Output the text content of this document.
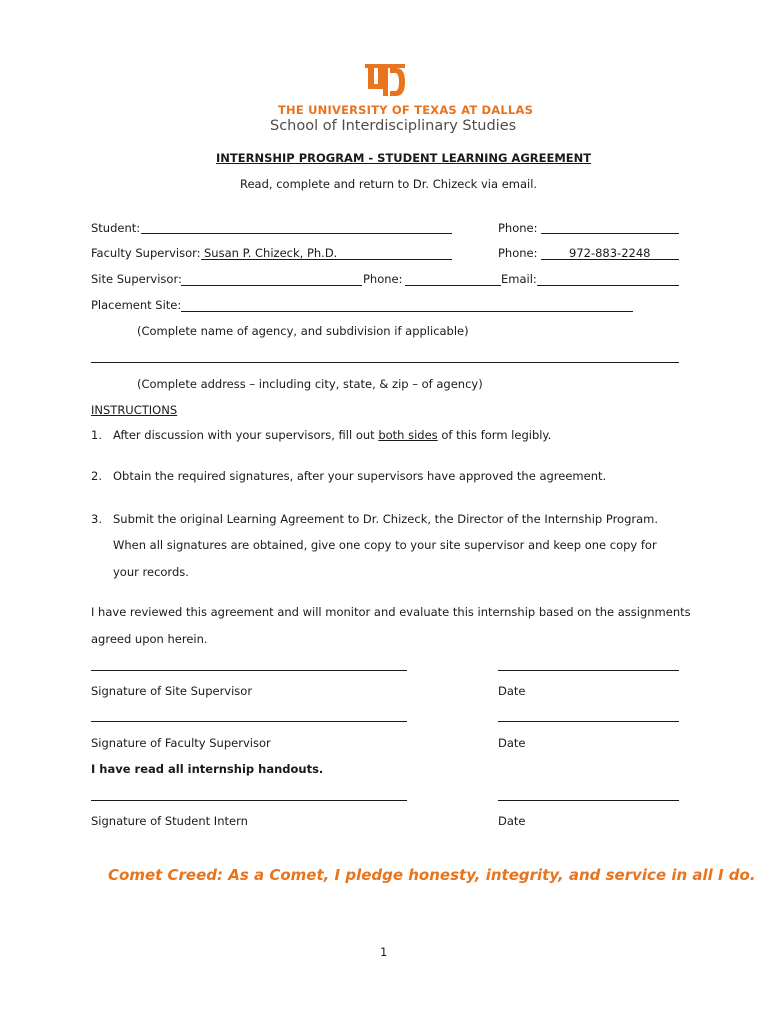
THE UNIVERSITY OF TEXAS AT DALLAS
School of Interdisciplinary Studies
INTERNSHIP PROGRAM - STUDENT LEARNING AGREEMENT
Read, complete and return to Dr. Chizeck via email.
Student:	Phone:
Faculty Supervisor: Susan P. Chizeck, Ph.D.	Phone:	972-883-2248
Site Supervisor:	Phone:	Email:
Placement Site:
(Complete name of agency, and subdivision if applicable)
(Complete address – including city, state, & zip – of agency)
INSTRUCTIONS
1. After discussion with your supervisors, fill out both sides of this form legibly.
2. Obtain the required signatures, after your supervisors have approved the agreement.
3. Submit the original Learning Agreement to Dr. Chizeck, the Director of the Internship Program.
When all signatures are obtained, give one copy to your site supervisor and keep one copy for
your records.
I have reviewed this agreement and will monitor and evaluate this internship based on the assignments
agreed upon herein.
Signature of Site Supervisor	Date
Signature of Faculty Supervisor	Date
I have read all internship handouts.
Signature of Student Intern	Date
Comet Creed: As a Comet, I pledge honesty, integrity, and service in all I do.
1
